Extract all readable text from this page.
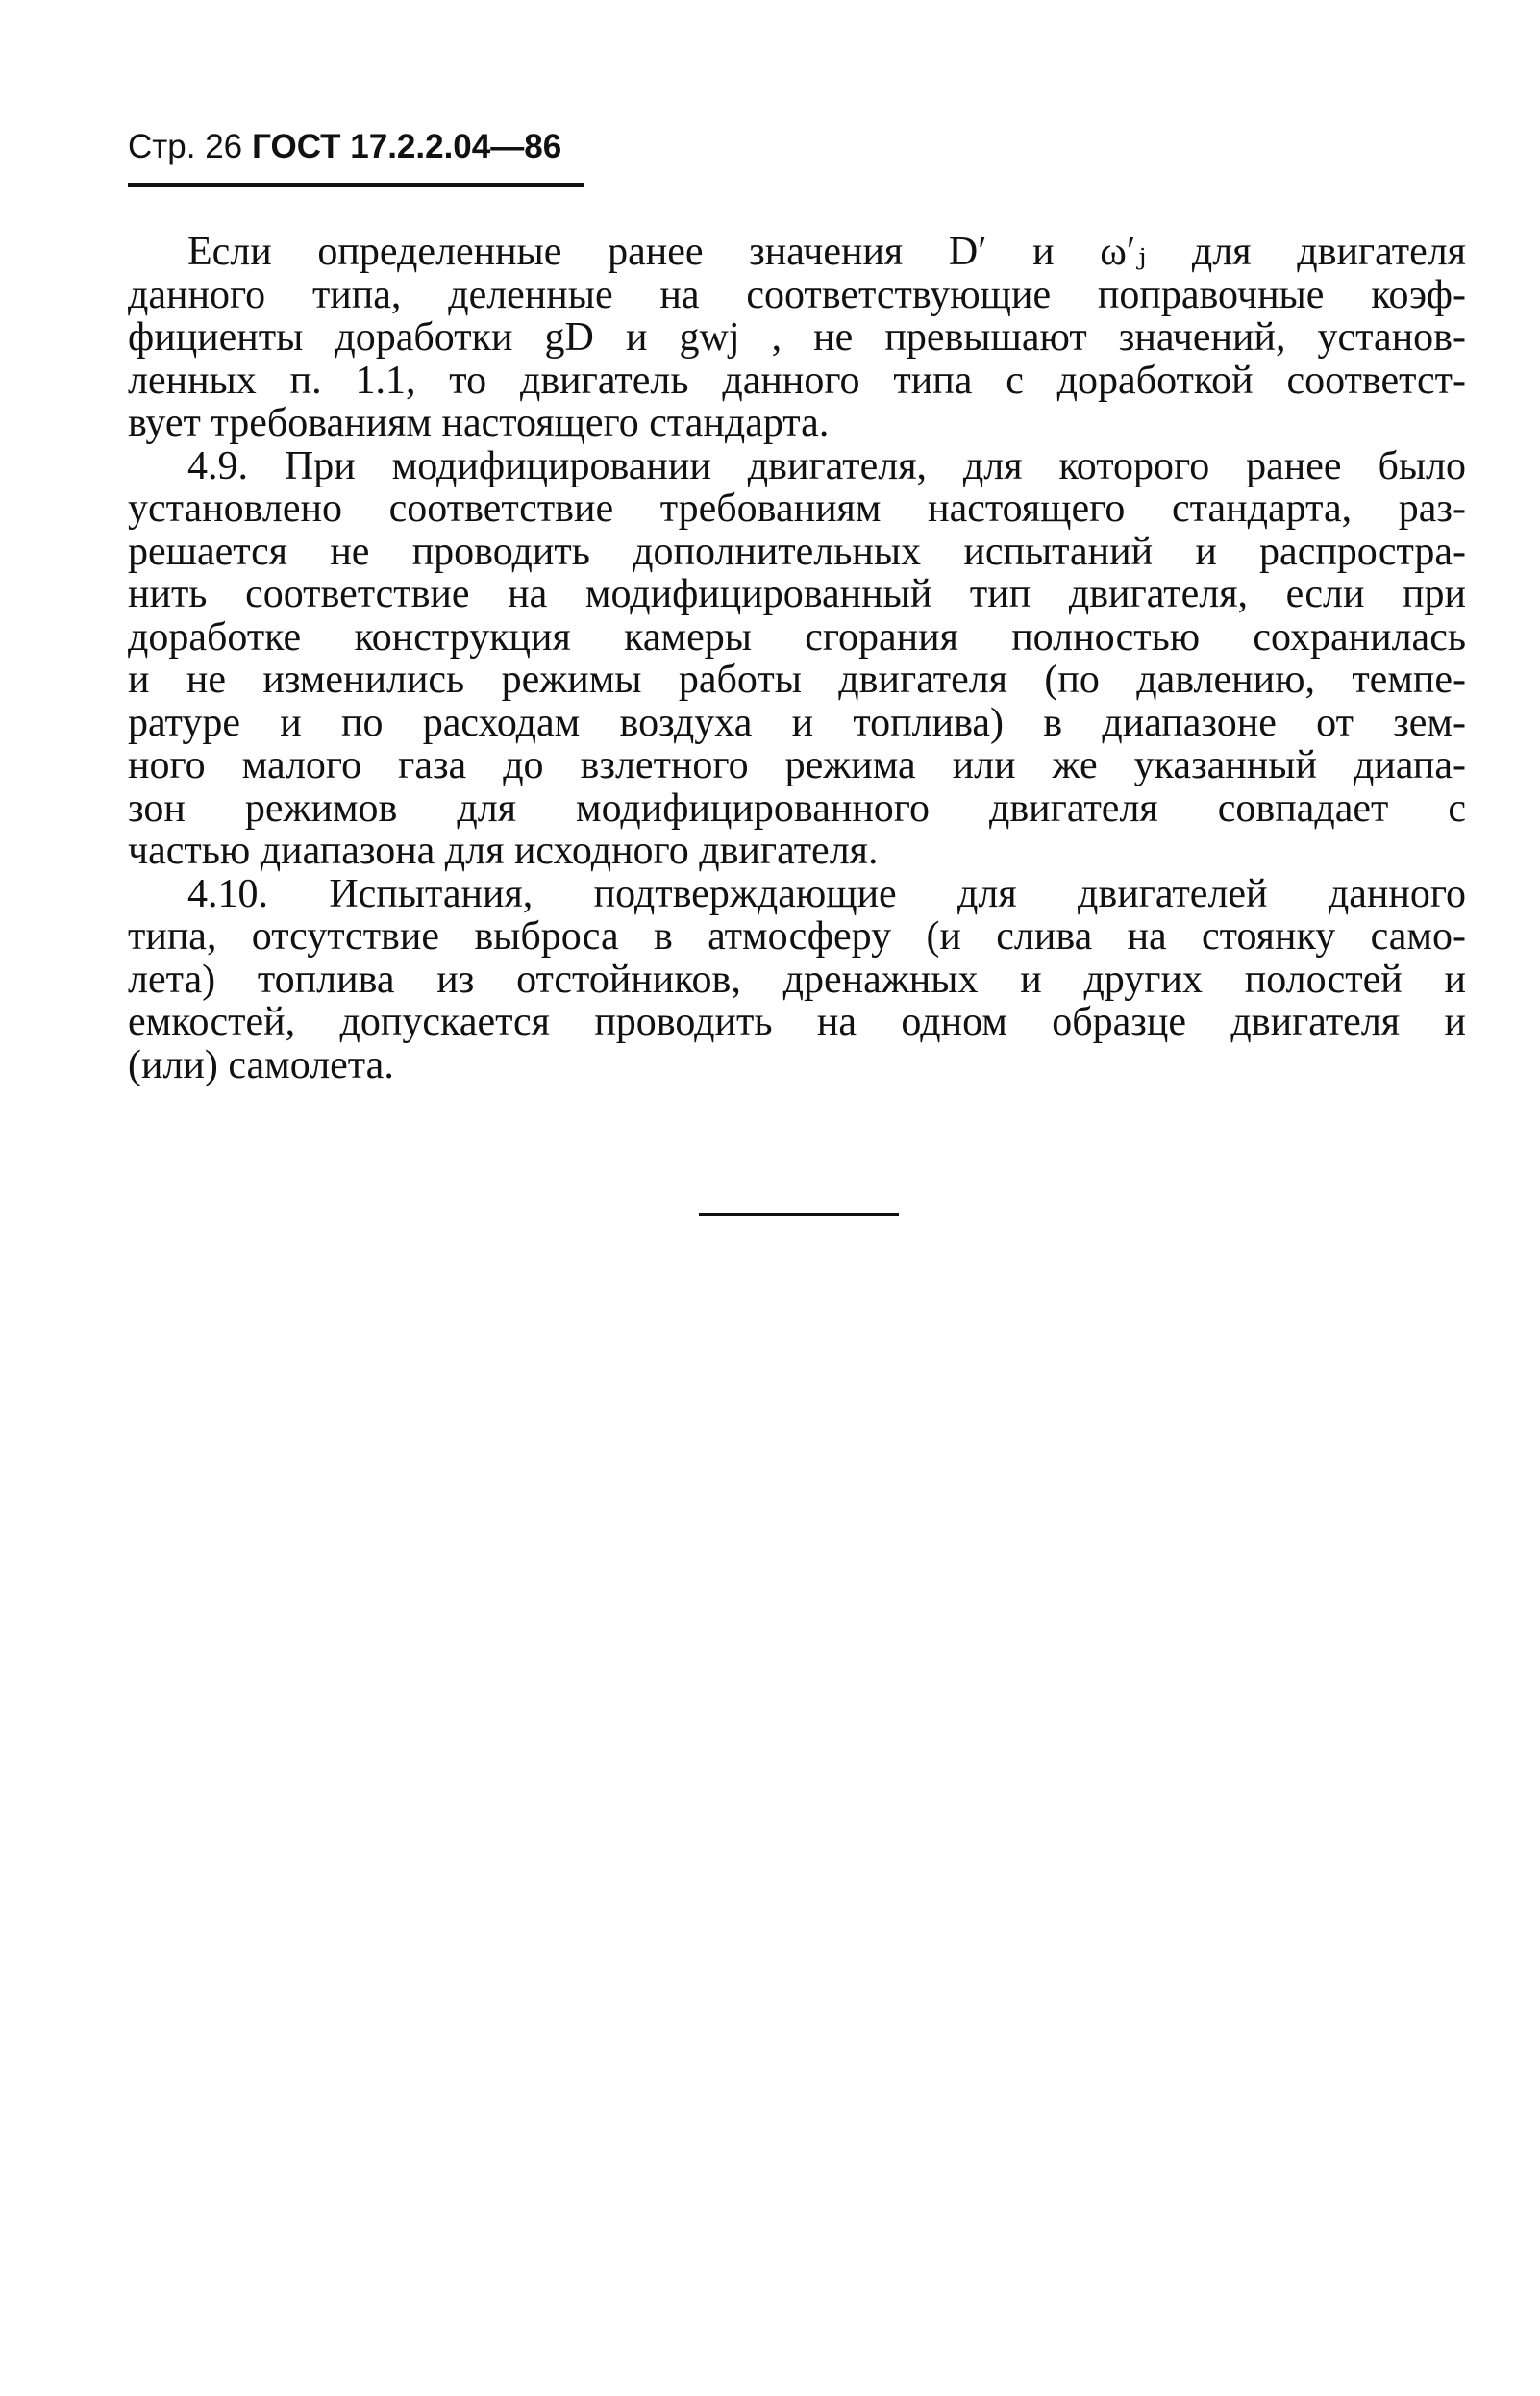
Стр. 26 ГОСТ 17.2.2.04—86

Если определенные ранее значения D′ и ω′ⱼ для двигателя
данного типа, деленные на соответствующие поправочные коэф-
фициенты доработки gD и gwj , не превышают значений, установ-
ленных п. 1.1, то двигатель данного типа с доработкой соответст-
вует требованиям настоящего стандарта.

4.9. При модифицировании двигателя, для которого ранее было
установлено соответствие требованиям настоящего стандарта, раз-
решается не проводить дополнительных испытаний и распростра-
нить соответствие на модифицированный тип двигателя, если при
доработке конструкция камеры сгорания полностью сохранилась
и не изменились режимы работы двигателя (по давлению, темпе-
ратуре и по расходам воздуха и топлива) в диапазоне от зем-
ного малого газа до взлетного режима или же указанный диапа-
зон режимов для модифицированного двигателя совпадает с
частью диапазона для исходного двигателя.

4.10. Испытания, подтверждающие для двигателей данного
типа, отсутствие выброса в атмосферу (и слива на стоянку само-
лета) топлива из отстойников, дренажных и других полостей и
емкостей, допускается проводить на одном образце двигателя и
(или) самолета.
